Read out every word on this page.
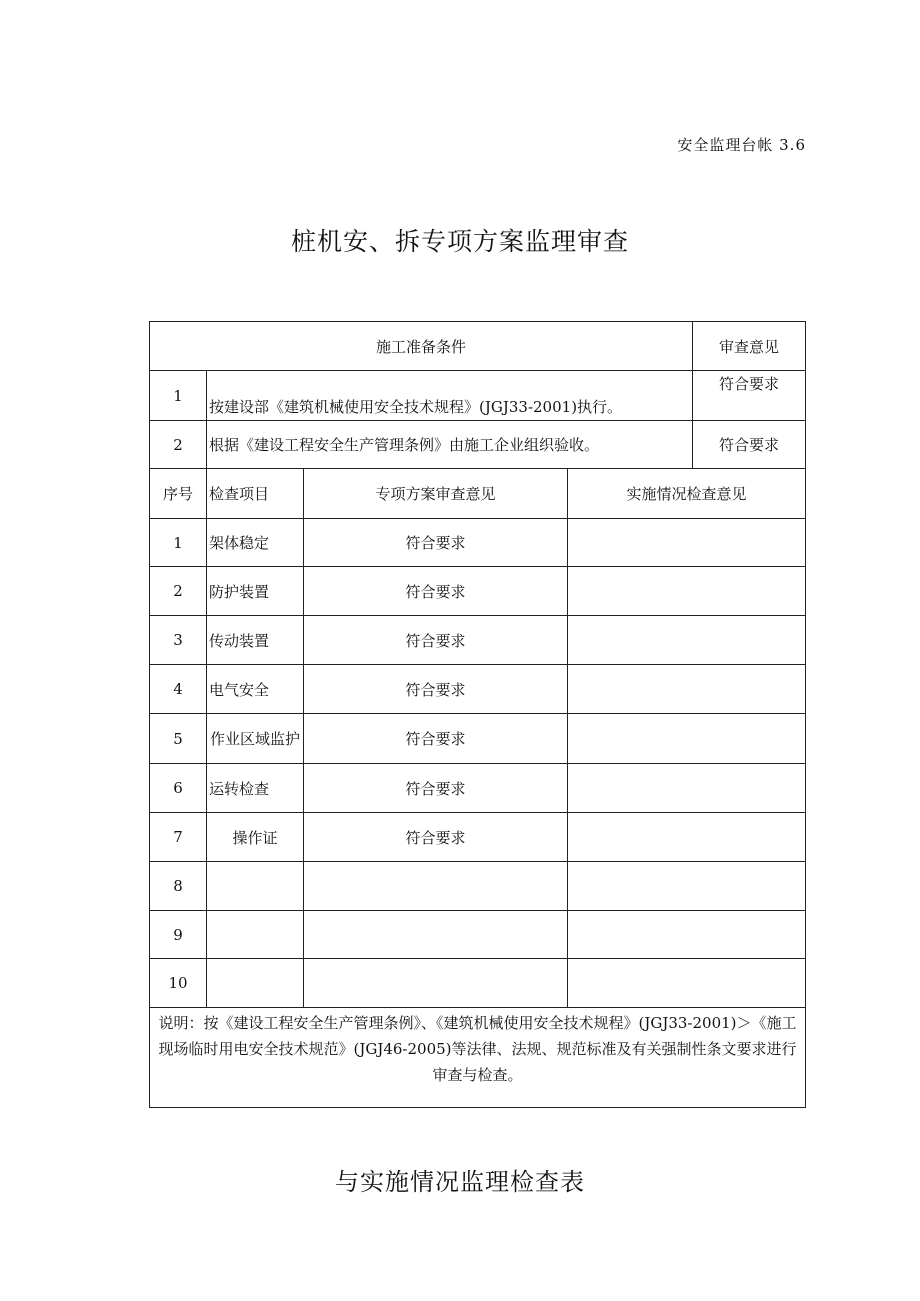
安全监理台帐 3.6
桩机安、拆专项方案监理审查
施工准备条件				审查意见
1	按建设部《建筑机械使用安全技术规程》(JGJ33-2001)执行。			符合要求
2	根据《建设工程安全生产管理条例》由施工企业组织验收。			符合要求
序号	检查项目	专项方案审查意见	实施情况检查意见	
1	架体稳定	符合要求		
2	防护装置	符合要求		
3	传动装置	符合要求		
4	电气安全	符合要求		
5	作业区域监护	符合要求		
6	运转检查	符合要求		
7	操作证	符合要求		
8				
9				
10				
说明：按《建设工程安全生产管理条例》、《建筑机械使用安全技术规程》(JGJ33-2001)＞《施工现场临时用电安全技术规范》(JGJ46-2005)等法律、法规、规范标准及有关强制性条文要求进行审查与检查。				
与实施情况监理检查表
